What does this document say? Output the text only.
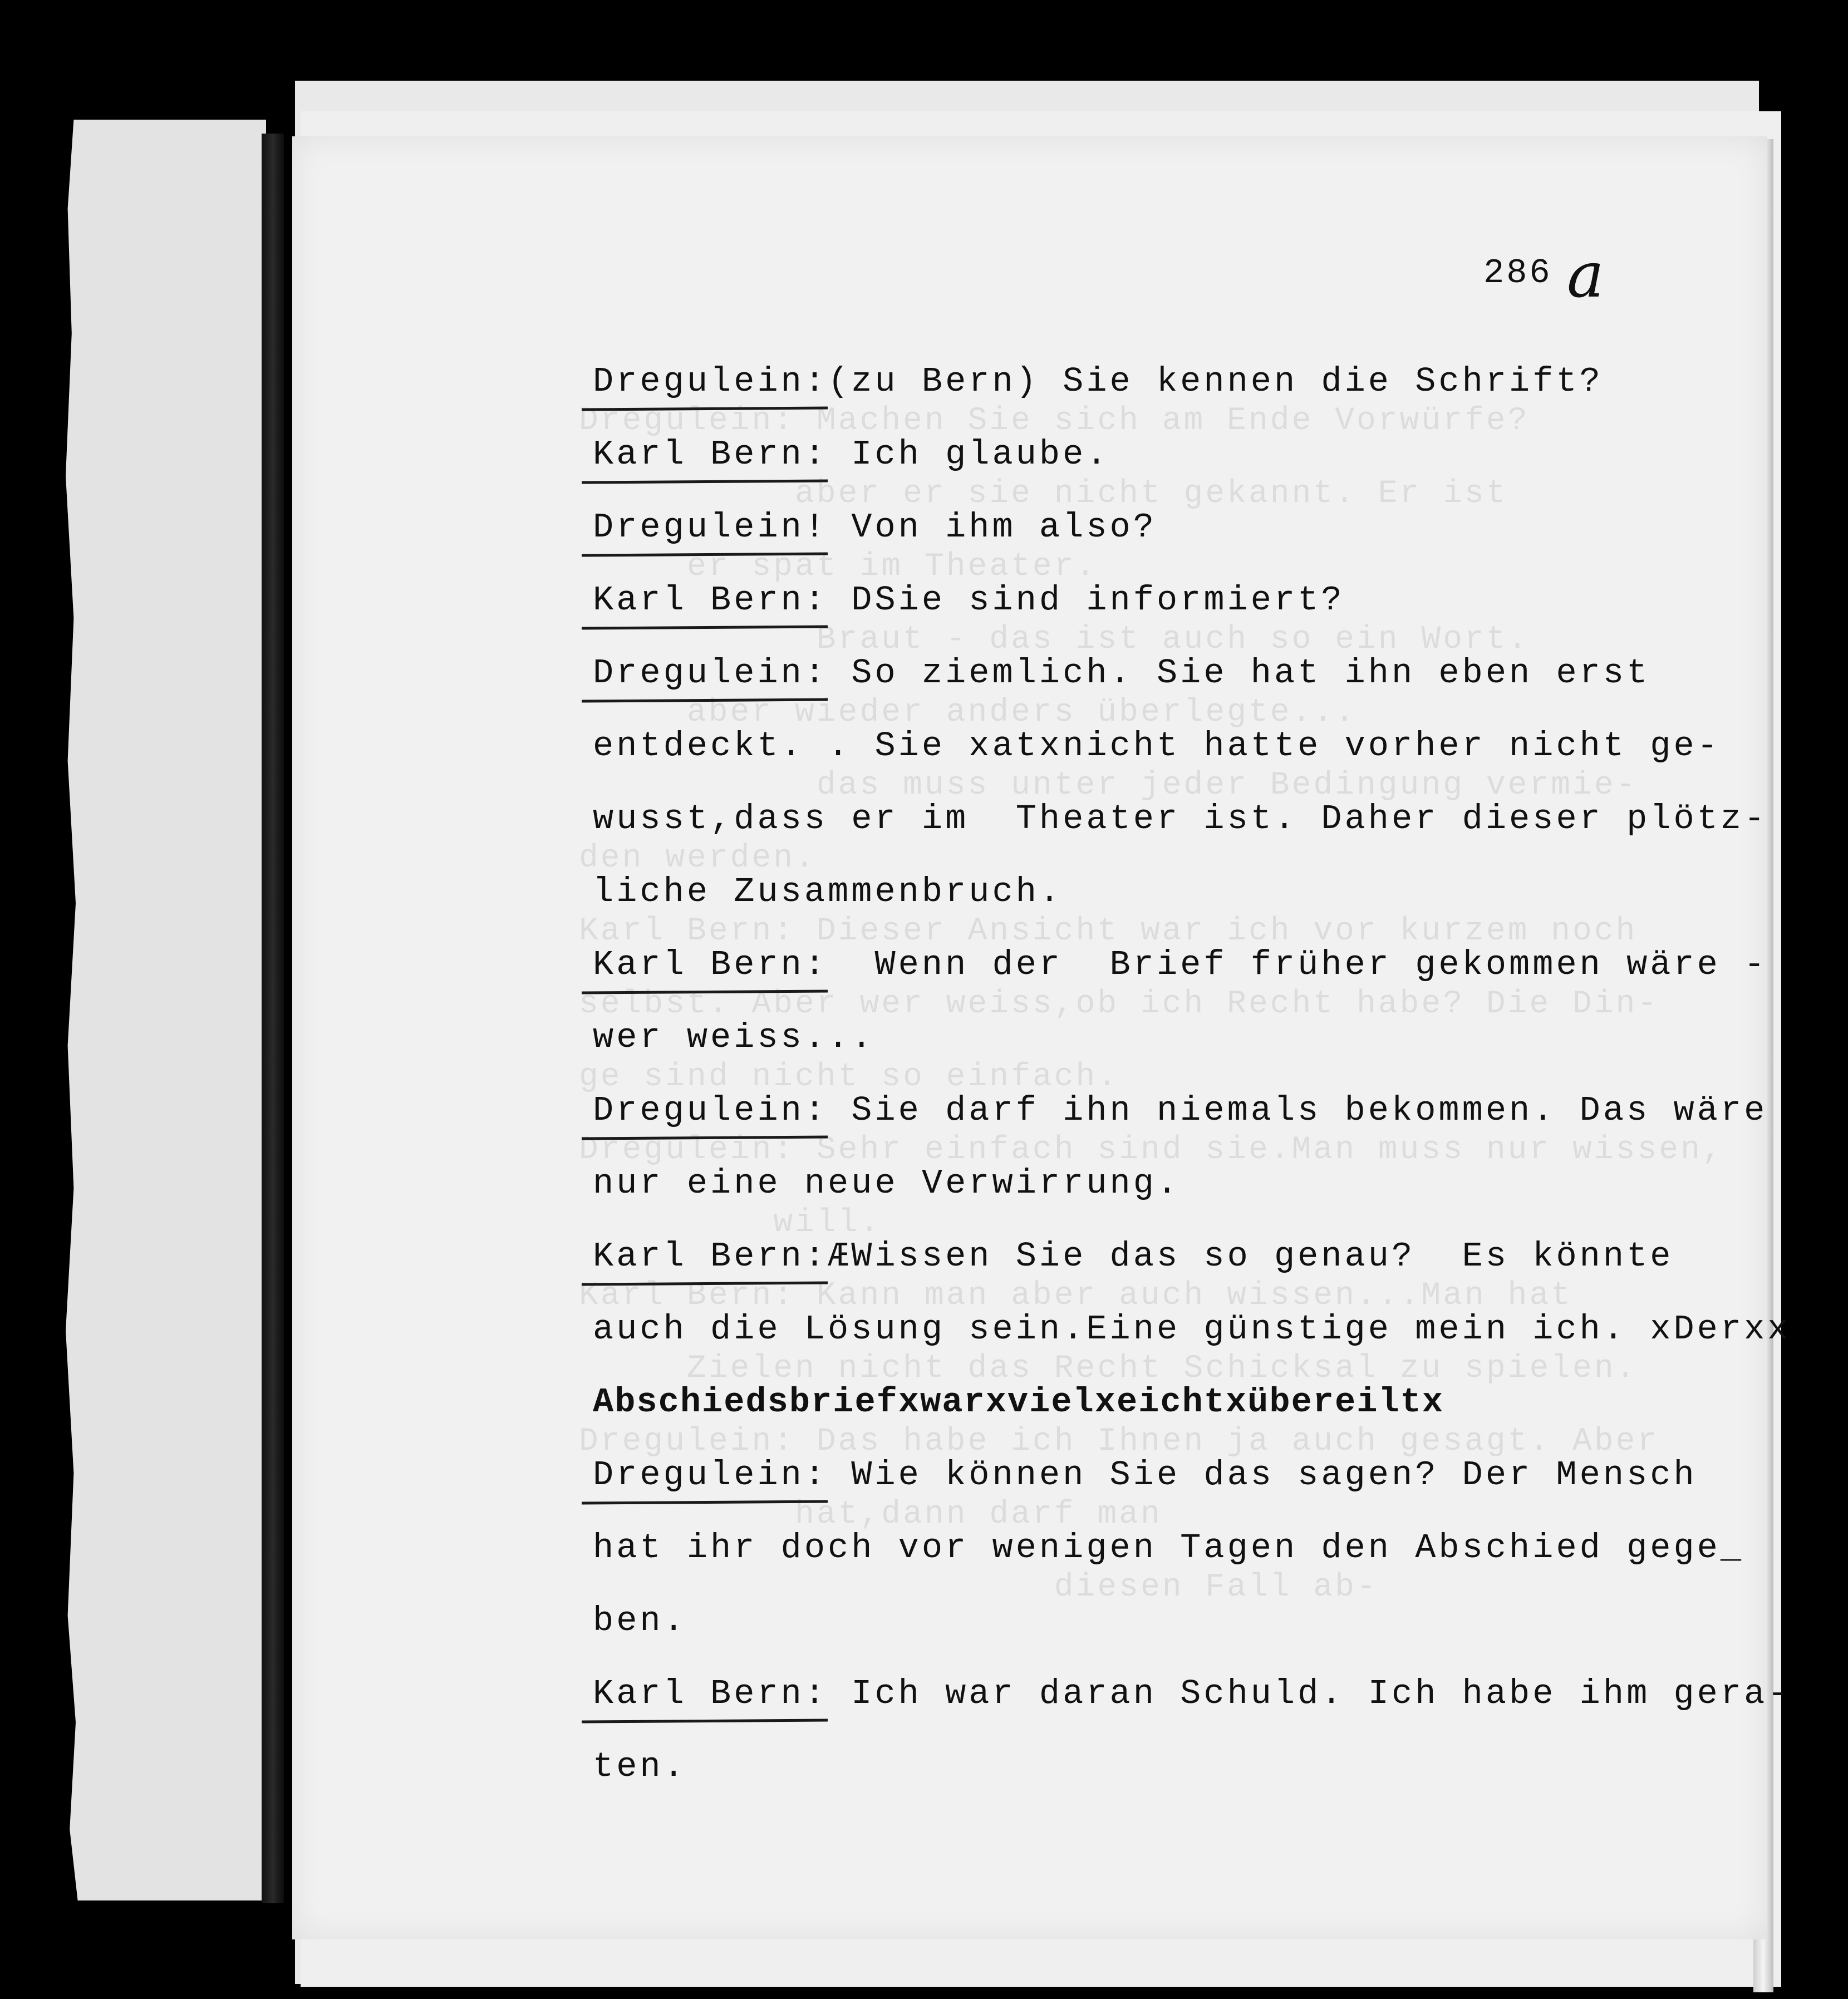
286 a
Dregulein:(zu Bern) Sie kennen die Schrift?
Karl Bern: Ich glaube.
Dregulein! Von ihm also?
Karl Bern: DSie sind informiert?
Dregulein: So ziemlich. Sie hat ihn eben erst
entdeckt. . Sie xatxnicht hatte vorher nicht ge-
wusst,dass er im  Theater ist. Daher dieser plötz-
liche Zusammenbruch.
Karl Bern:  Wenn der  Brief früher gekommen wäre -
wer weiss...
Dregulein: Sie darf ihn niemals bekommen. Das wäre
nur eine neue Verwirrung.
Karl Bern:ÆWissen Sie das so genau?  Es könnte
auch die Lösung sein.Eine günstige mein ich. xDerxx
Abschiedsbriefxwarxvielxeichtxübereiltx
Dregulein: Wie können Sie das sagen? Der Mensch
hat ihr doch vor wenigen Tagen den Abschied gege_
ben.
Karl Bern: Ich war daran Schuld. Ich habe ihm gera-
ten.
